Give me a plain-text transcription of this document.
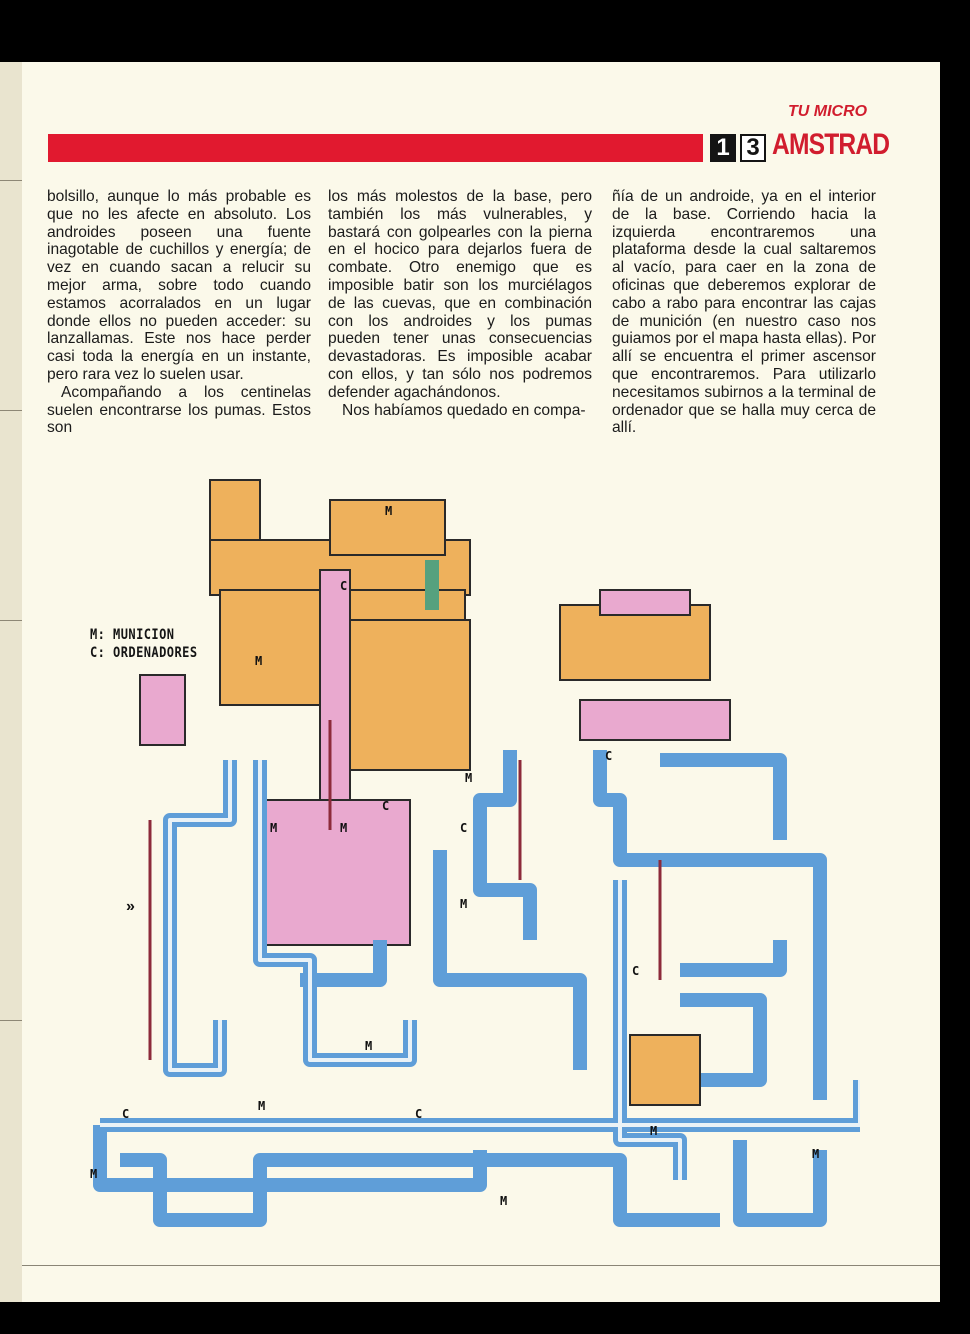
TU MICRO
1 3 AMSTRAD

bolsillo, aunque lo más probable es que no les afecte en absoluto. Los androides poseen una fuente inagotable de cuchillos y energía; de vez en cuando sacan a relucir su mejor arma, sobre todo cuando estamos acorralados en un lugar donde ellos no pueden acceder: su lanzallamas. Este nos hace perder casi toda la energía en un instante, pero rara vez lo suelen usar.

Acompañando a los centinelas suelen encontrarse los pumas. Estos son

los más molestos de la base, pero también los más vulnerables, y bastará con golpearles con la pierna en el hocico para dejarlos fuera de combate. Otro enemigo que es imposible batir son los murciélagos de las cuevas, que en combinación con los androides y los pumas pueden tener unas consecuencias devastadoras. Es imposible acabar con ellos, y tan sólo nos podremos defender agachándonos.

Nos habíamos quedado en compa-

ñía de un androide, ya en el interior de la base. Corriendo hacia la izquierda encontraremos una plataforma desde la cual saltaremos al vacío, para caer en la zona de oficinas que deberemos explorar de cabo a rabo para encontrar las cajas de munición (en nuestro caso nos guiamos por el mapa hasta ellas). Por allí se encuentra el primer ascensor que encontraremos. Para utilizarlo necesitamos subirnos a la terminal de ordenador que se halla muy cerca de allí.

M
M
M	M
M
M
M
M
M
M
M
M
C
C
C
C
C
C	C
M: MUNICION
C: ORDENADORES
»
